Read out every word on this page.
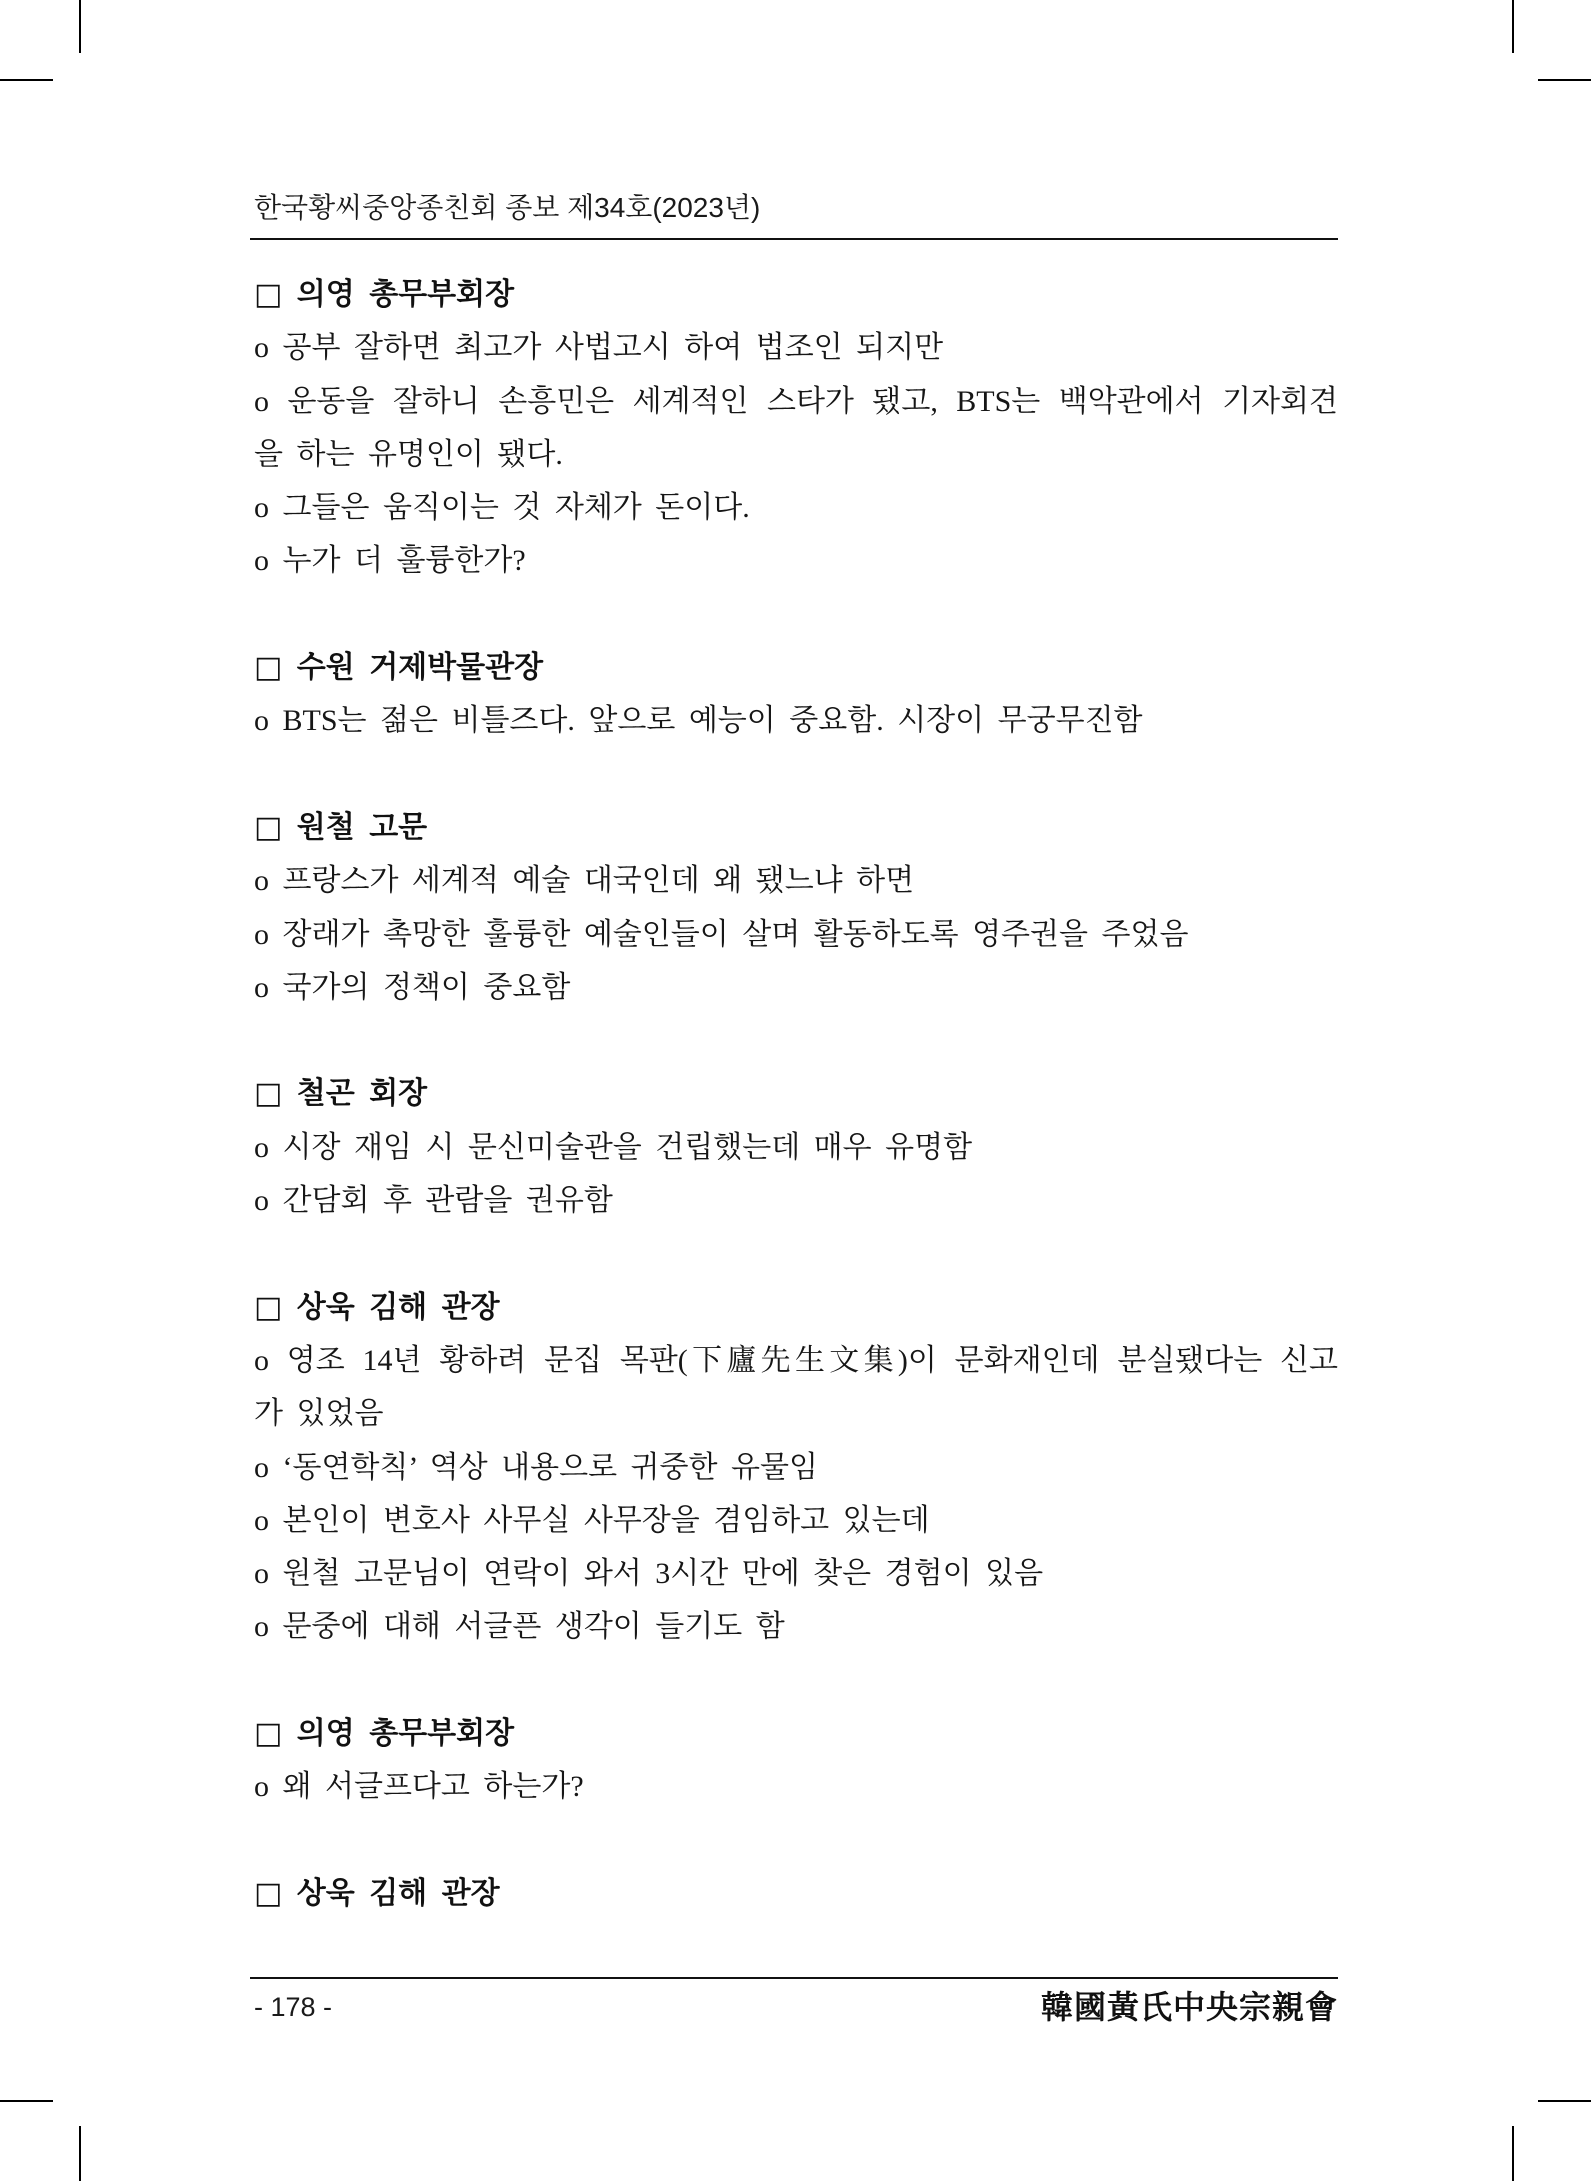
한국황씨중앙종친회 종보 제34호(2023년)
□ 의영 총무부회장
o 공부 잘하면 최고가 사법고시 하여 법조인 되지만
o 운동을 잘하니 손흥민은 세계적인 스타가 됐고, BTS는 백악관에서 기자회견
을 하는 유명인이 됐다.
o 그들은 움직이는 것 자체가 돈이다.
o 누가 더 훌륭한가?
□ 수원 거제박물관장
o BTS는 젊은 비틀즈다. 앞으로 예능이 중요함. 시장이 무궁무진함
□ 원철 고문
o 프랑스가 세계적 예술 대국인데 왜 됐느냐 하면
o 장래가 촉망한 훌륭한 예술인들이 살며 활동하도록 영주권을 주었음
o 국가의 정책이 중요함
□ 철곤 회장
o 시장 재임 시 문신미술관을 건립했는데 매우 유명함
o 간담회 후 관람을 권유함
□ 상욱 김해 관장
o 영조 14년 황하려 문집 목판(下廬先生文集)이 문화재인데 분실됐다는 신고
가 있었음
o ‘동연학칙’ 역상 내용으로 귀중한 유물임
o 본인이 변호사 사무실 사무장을 겸임하고 있는데
o 원철 고문님이 연락이 와서 3시간 만에 찾은 경험이 있음
o 문중에 대해 서글픈 생각이 들기도 함
□ 의영 총무부회장
o 왜 서글프다고 하는가?
□ 상욱 김해 관장
- 178 -	韓國黃氏中央宗親會
